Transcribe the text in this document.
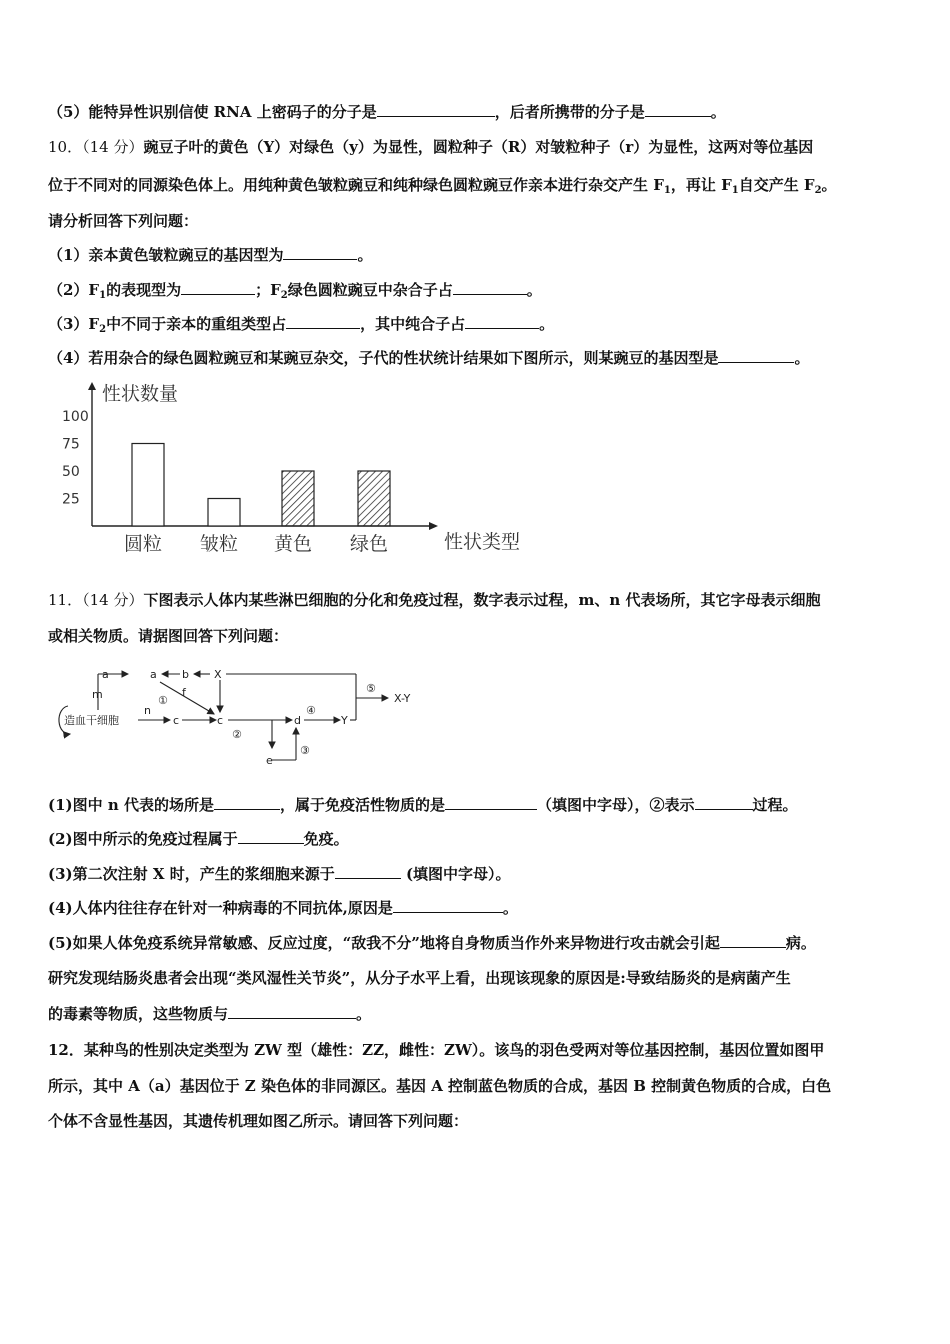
（5）能特异性识别信使 RNA 上密码子的分子是	，后者所携带的分子是	。
10．（14 分）豌豆子叶的黄色（Y）对绿色（y）为显性，圆粒种子（R）对皱粒种子（r）为显性，这两对等位基因
位于不同对的同源染色体上。用纯种黄色皱粒豌豆和纯种绿色圆粒豌豆作亲本进行杂交产生 $F_1$，再让 $F_1$自交产生 $F_2$。
请分析回答下列问题：
（1）亲本黄色皱粒豌豆的基因型为	。
$(2)F_1$的表现型为	；$F_2$绿色圆粒豌豆中杂合子占	。
$(3)F_2$中不同于亲本的重组类型占	，其中纯合子占	。
（4）若用杂合的绿色圆粒豌豆和某豌豆杂交，子代的性状统计结果如下图所示，则某豌豆的基因型是	。
性状数量
性状类型
100
75
50
25
圆粒 皱粒 黄色 绿色
11．（14 分）下图表示人体内某些淋巴细胞的分化和免疫过程，数字表示过程，m、n 代表场所，其它字母表示细胞
或相关物质。请据图回答下列问题：
造血干细胞
a
m
a b X
f
①
n
c	c
②
d
④
Y
e
③
⑤
X-Y
(1)图中 n 代表的场所是	，属于免疫活性物质的是	（填图中字母），②表示	过程。
(2)图中所示的免疫过程属于	免疫。
(3)第二次注射 X 时，产生的浆细胞来源于	(填图中字母）。
(4)人体内往往存在针对一种病毒的不同抗体,原因是	。
(5)如果人体免疫系统异常敏感、反应过度，“敌我不分”地将自身物质当作外来异物进行攻击就会引起	病。
研究发现结肠炎患者会出现“类风湿性关节炎”，从分子水平上看，出现该现象的原因是:导致结肠炎的是病菌产生
的毒素等物质，这些物质与	。
12．某种鸟的性别决定类型为 ZW 型（雄性：ZZ，雌性：ZW）。该鸟的羽色受两对等位基因控制，基因位置如图甲
所示，其中 A（a）基因位于 Z 染色体的非同源区。基因 A 控制蓝色物质的合成，基因 B 控制黄色物质的合成，白色
个体不含显性基因，其遗传机理如图乙所示。请回答下列问题：
